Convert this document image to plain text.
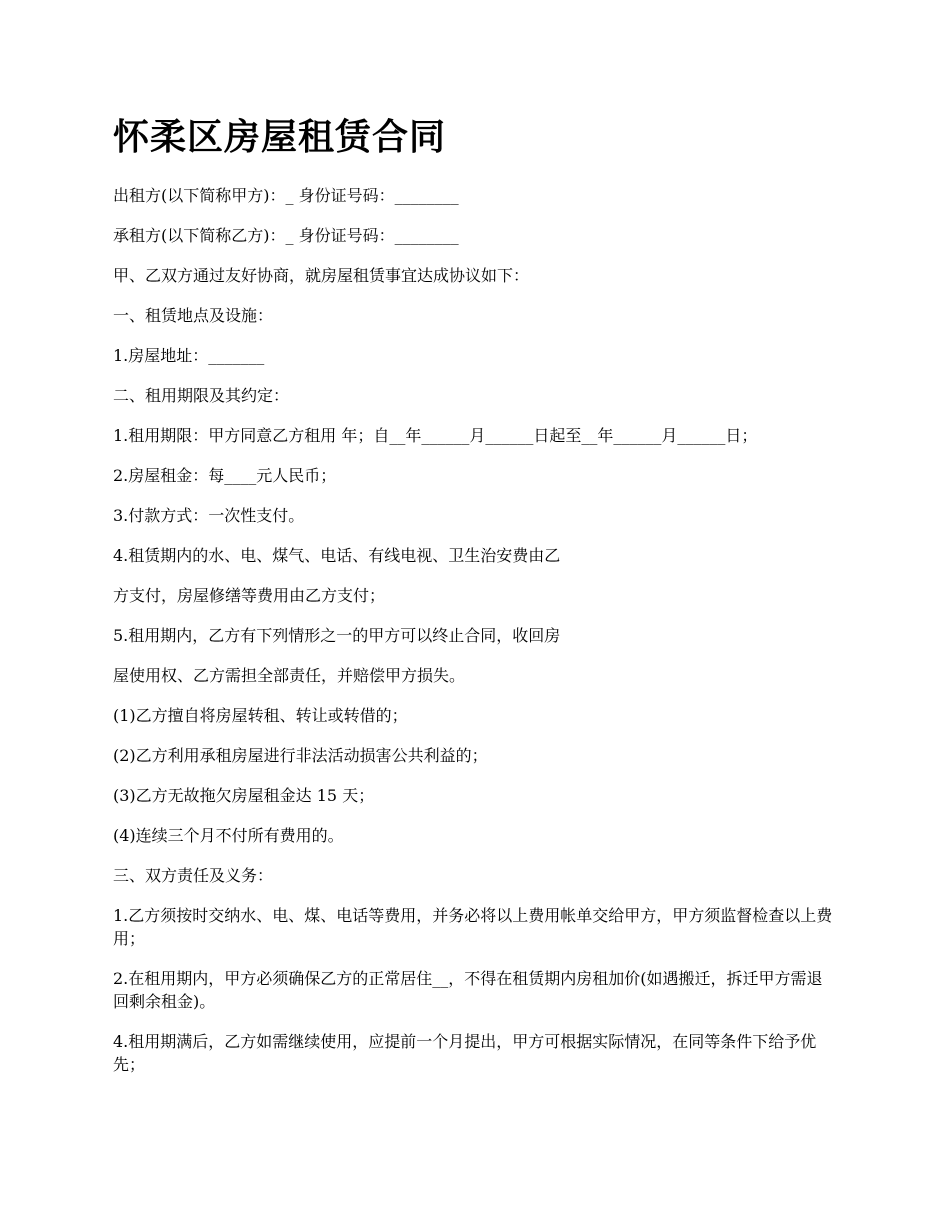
怀柔区房屋租赁合同

出租方(以下简称甲方)：_ 身份证号码：________

承租方(以下简称乙方)：_ 身份证号码：________

甲、乙双方通过友好协商，就房屋租赁事宜达成协议如下：

一、租赁地点及设施：

1.房屋地址：_______

二、租用期限及其约定：

1.租用期限：甲方同意乙方租用 年；自__年______月______日起至__年______月______日；

2.房屋租金：每____元人民币；

3.付款方式：一次性支付。

4.租赁期内的水、电、煤气、电话、有线电视、卫生治安费由乙

方支付，房屋修缮等费用由乙方支付；

5.租用期内，乙方有下列情形之一的甲方可以终止合同，收回房

屋使用权、乙方需担全部责任，并赔偿甲方损失。

(1)乙方擅自将房屋转租、转让或转借的；

(2)乙方利用承租房屋进行非法活动损害公共利益的；

(3)乙方无故拖欠房屋租金达 15 天；

(4)连续三个月不付所有费用的。

三、双方责任及义务：

1.乙方须按时交纳水、电、煤、电话等费用，并务必将以上费用帐单交给甲方，甲方须监督检查以上费用；

2.在租用期内，甲方必须确保乙方的正常居住__，不得在租赁期内房租加价(如遇搬迁，拆迁甲方需退回剩余租金)。

4.租用期满后，乙方如需继续使用，应提前一个月提出，甲方可根据实际情况，在同等条件下给予优先；
